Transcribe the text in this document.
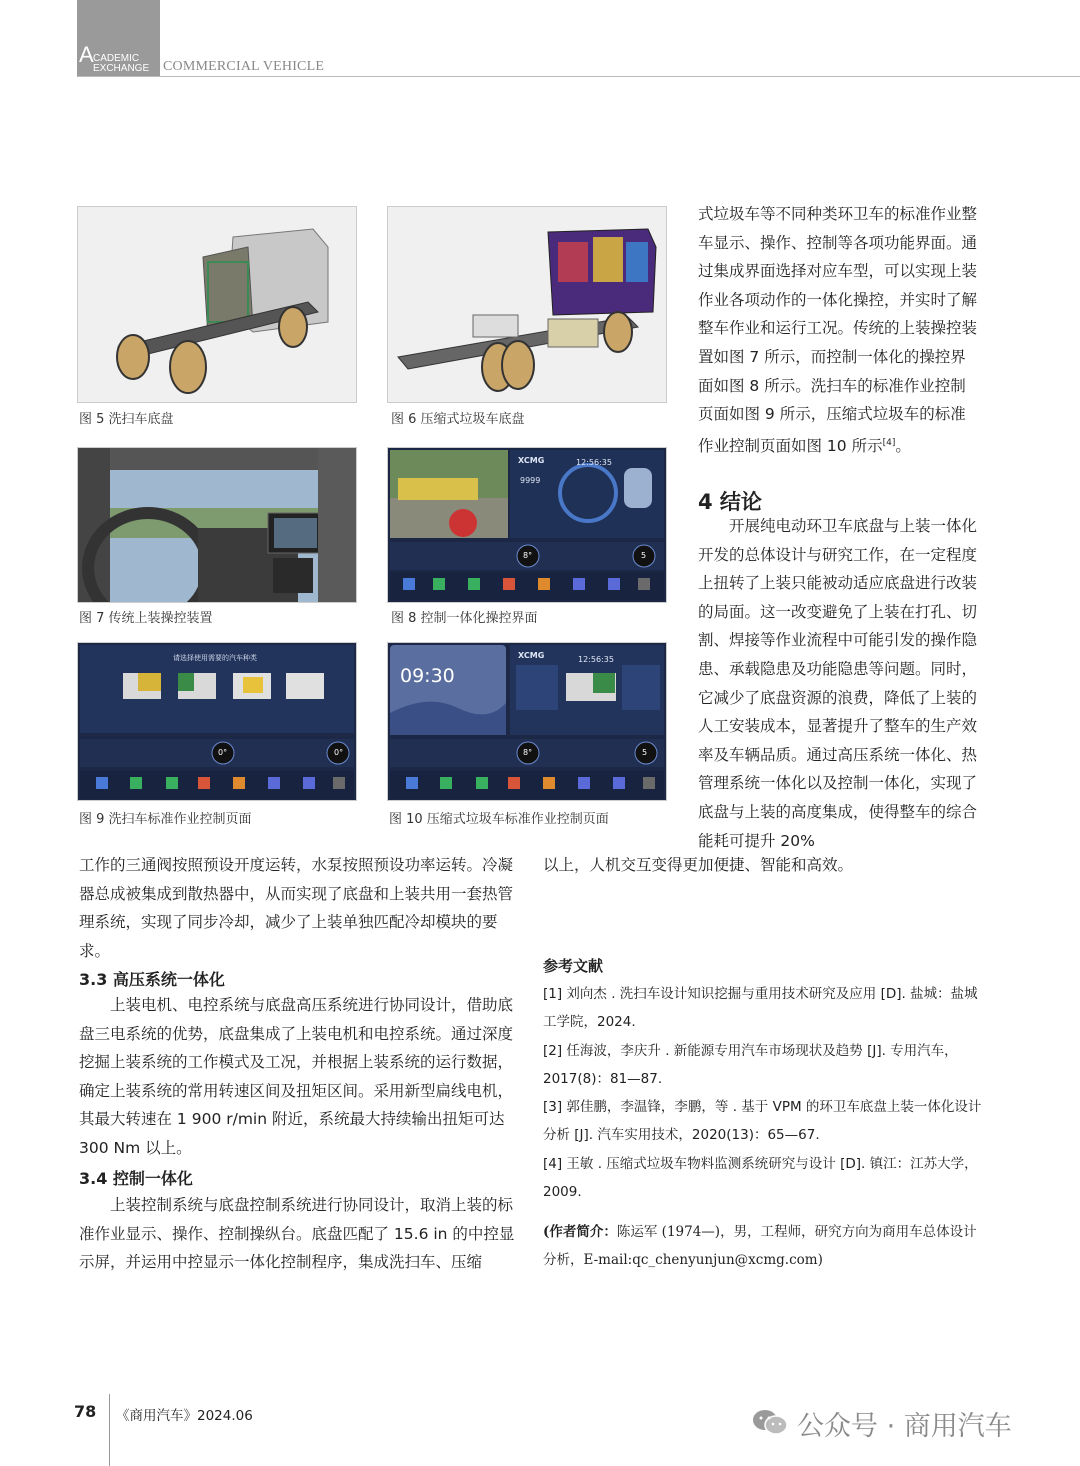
A CADEMIC
EXCHANGE COMMERCIAL VEHICLE
图 5 洗扫车底盘	图 6 压缩式垃圾车底盘
图 7 传统上装操控装置
XCMG	12:56:35
9999
8°	5
图 8 控制一体化操控界面
请选择使用需要的汽车种类
0°	0°
图 9 洗扫车标准作业控制页面
09:30
XCMG	12:56:35
8°	5
图 10 压缩式垃圾车标准作业控制页面

式垃圾车等不同种类环卫车的标准作业整车显示、操作、控制等各项功能界面。通过集成界面选择对应车型，可以实现上装作业各项动作的一体化操控，并实时了解整车作业和运行工况。传统的上装操控装置如图 7 所示，而控制一体化的操控界面如图 8 所示。洗扫车的标准作业控制页面如图 9 所示，压缩式垃圾车的标准作业控制页面如图 10 所示[4]。

4 结论

开展纯电动环卫车底盘与上装一体化开发的总体设计与研究工作，在一定程度上扭转了上装只能被动适应底盘进行改装的局面。这一改变避免了上装在打孔、切割、焊接等作业流程中可能引发的操作隐患、承载隐患及功能隐患等问题。同时，它减少了底盘资源的浪费，降低了上装的人工安装成本，显著提升了整车的生产效率及车辆品质。通过高压系统一体化、热管理系统一体化以及控制一体化，实现了底盘与上装的高度集成，使得整车的综合能耗可提升 20%

以上，人机交互变得更加便捷、智能和高效。

工作的三通阀按照预设开度运转，水泵按照预设功率运转。冷凝器总成被集成到散热器中，从而实现了底盘和上装共用一套热管理系统，实现了同步冷却，减少了上装单独匹配冷却模块的要求。

3.3 高压系统一体化

上装电机、电控系统与底盘高压系统进行协同设计，借助底盘三电系统的优势，底盘集成了上装电机和电控系统。通过深度挖掘上装系统的工作模式及工况，并根据上装系统的运行数据，确定上装系统的常用转速区间及扭矩区间。采用新型扁线电机，其最大转速在 1 900 r/min 附近，系统最大持续输出扭矩可达 300 Nm 以上。

3.4 控制一体化

上装控制系统与底盘控制系统进行协同设计，取消上装的标准作业显示、操作、控制操纵台。底盘匹配了 15.6 in 的中控显示屏，并运用中控显示一体化控制程序，集成洗扫车、压缩

参考文献

[1] 刘向杰 . 洗扫车设计知识挖掘与重用技术研究及应用 [D]. 盐城：盐城工学院，2024.

[2] 任海波，李庆升 . 新能源专用汽车市场现状及趋势 [J]. 专用汽车，2017(8)：81—87.

[3] 郭佳鹏，李温锋，李鹏，等 . 基于 VPM 的环卫车底盘上装一体化设计分析 [J]. 汽车实用技术，2020(13)：65—67.

[4] 王敏 . 压缩式垃圾车物料监测系统研究与设计 [D]. 镇江：江苏大学，2009.

(作者简介：陈运军 (1974—)，男，工程师，研究方向为商用车总体设计分析，E-mail:qc_chenyunjun@xcmg.com)

78 《商用汽车》2024.06	公众号 · 商用汽车
